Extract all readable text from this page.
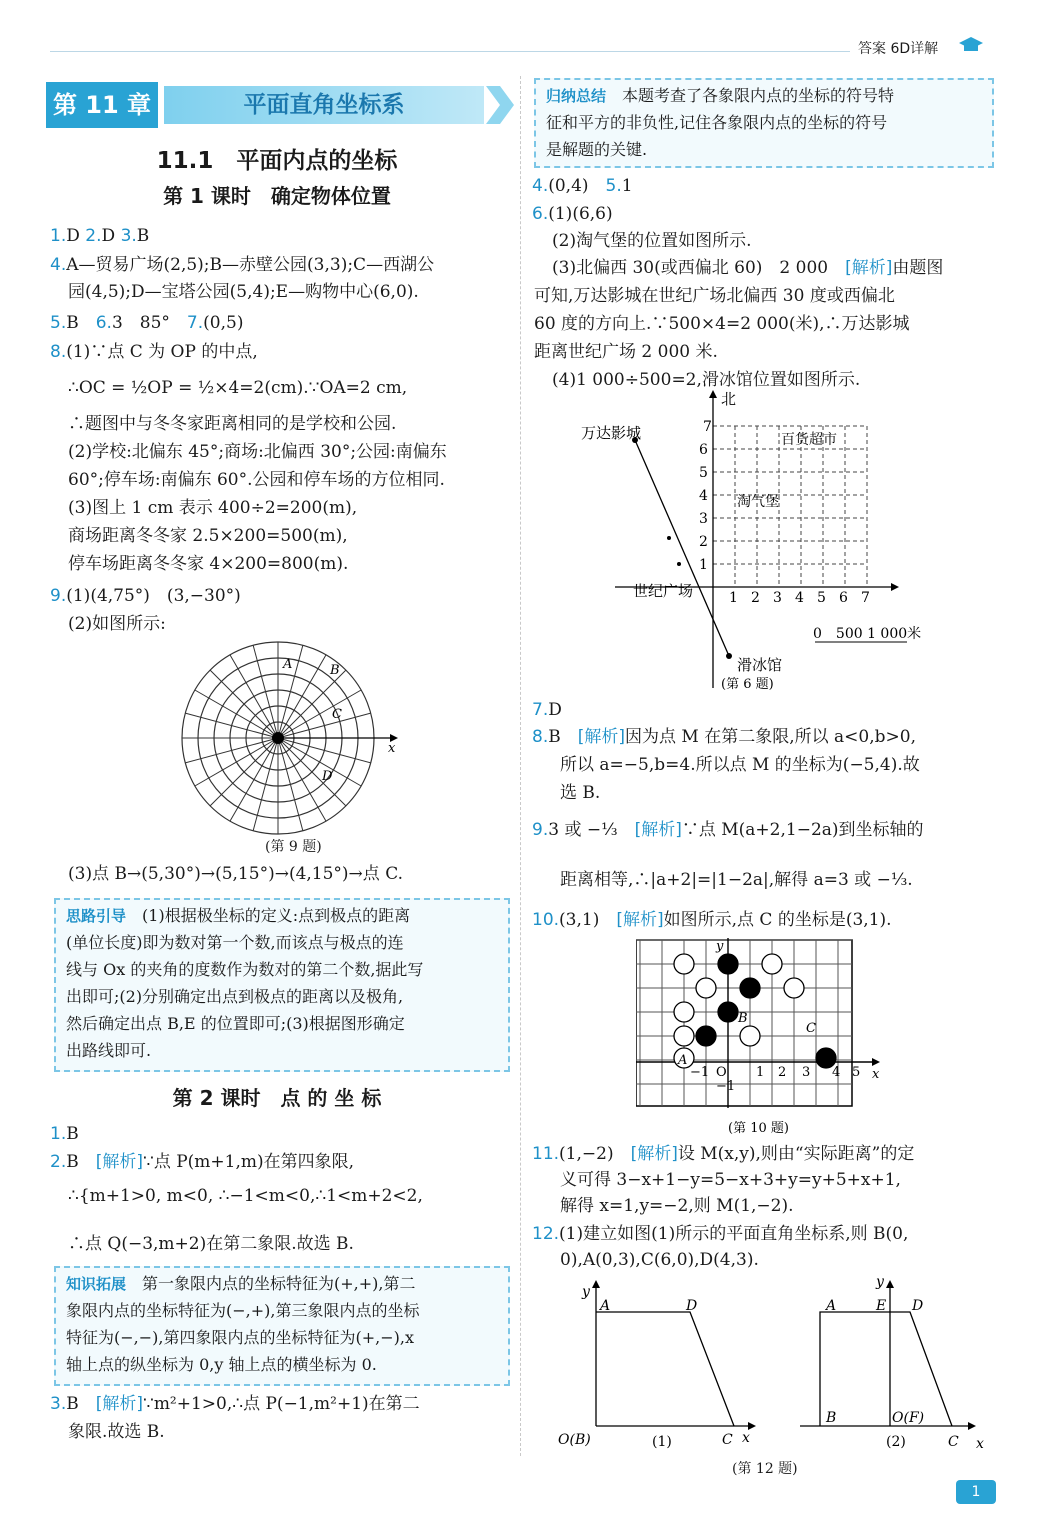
答案 6D详解
第 11 章	平面直角坐标系
11.1　平面内点的坐标
第 1 课时　确定物体位置
1.D 2.D 3.B
4.A—贸易广场(2,5);B—赤壁公园(3,3);C—西湖公
园(4,5);D—宝塔公园(5,4);E—购物中心(6,0).
5.B　 6.3　85°　 7.(0,5)
8.(1)∵点 C 为 OP 的中点,
∴OC = ½OP = ½×4=2(cm).∵OA=2 cm,
∴题图中与冬冬家距离相同的是学校和公园.
(2)学校:北偏东 45°;商场:北偏西 30°;公园:南偏东
60°;停车场:南偏东 60°.公园和停车场的方位相同.
(3)图上 1 cm 表示 400÷2=200(m),
商场距离冬冬家 2.5×200=500(m),
停车场距离冬冬家 4×200=800(m).
9.(1)(4,75°)　(3,−30°)
(2)如图所示:
x
A	B
C
D
(第 9 题)
(3)点 B→(5,30°)→(5,15°)→(4,15°)→点 C.
思路引导　 (1)根据极坐标的定义:点到极点的距离
(单位长度)即为数对第一个数,而该点与极点的连
线与 Ox 的夹角的度数作为数对的第二个数,据此写
出即可;(2)分别确定出点到极点的距离以及极角,
然后确定出点 B,E 的位置即可;(3)根据图形确定
出路线即可.
第 2 课时　点 的 坐 标
1.B
2.B　 [解析]∵点 P(m+1,m)在第四象限,
∴{m+1>0, m<0, ∴−1<m<0,∴1<m+2<2,
∴点 Q(−3,m+2)在第二象限.故选 B.
知识拓展　 第一象限内点的坐标特征为(+,+),第二
象限内点的坐标特征为(−,+),第三象限内点的坐标
特征为(−,−),第四象限内点的坐标特征为(+,−),x
轴上点的纵坐标为 0,y 轴上点的横坐标为 0.
3.B　 [解析]∵m²+1>0,∴点 P(−1,m²+1)在第二
象限.故选 B.
归纳总结　 本题考查了各象限内点的坐标的符号特
征和平方的非负性,记住各象限内点的坐标的符号
是解题的关键.
4.(0,4)　 5.1
6.(1)(6,6)
(2)淘气堡的位置如图所示.
(3)北偏西 30(或西偏北 60)　2 000　 [解析]由题图
可知,万达影城在世纪广场北偏西 30 度或西偏北
60 度的方向上.∵500×4=2 000(米),∴万达影城
距离世纪广场 2 000 米.
(4)1 000÷500=2,滑冰馆位置如图所示.
7
6
5
4
3
2
1
1 2 3 4 5 6 7
北
万达影城	百货超市
淘气堡
世纪广场
滑冰馆
0　500 1 000米
(第 6 题)
7.D
8.B　 [解析]因为点 M 在第二象限,所以 a<0,b>0,
所以 a=−5,b=4.所以点 M 的坐标为(−5,4).故
选 B.
9.3 或 −⅓　 [解析]∵点 M(a+2,1−2a)到坐标轴的
距离相等,∴|a+2|=|1−2a|,解得 a=3 或 −⅓.
10.(3,1)　 [解析]如图所示,点 C 的坐标是(3,1).
y
x
B
C
A
−1 O 1 2 3 4 5
−1
(第 10 题)
11.(1,−2)　 [解析]设 M(x,y),则由“实际距离”的定
义可得 3−x+1−y=5−x+3+y=y+5+x+1,
解得 x=1,y=−2,则 M(1,−2).
12.(1)建立如图(1)所示的平面直角坐标系,则 B(0,
0),A(0,3),C(6,0),D(4,3).
y
A	D
O(B)	C x
y
A	E D
B	O(F)
C x
(1)	(2)
(第 12 题)
1
